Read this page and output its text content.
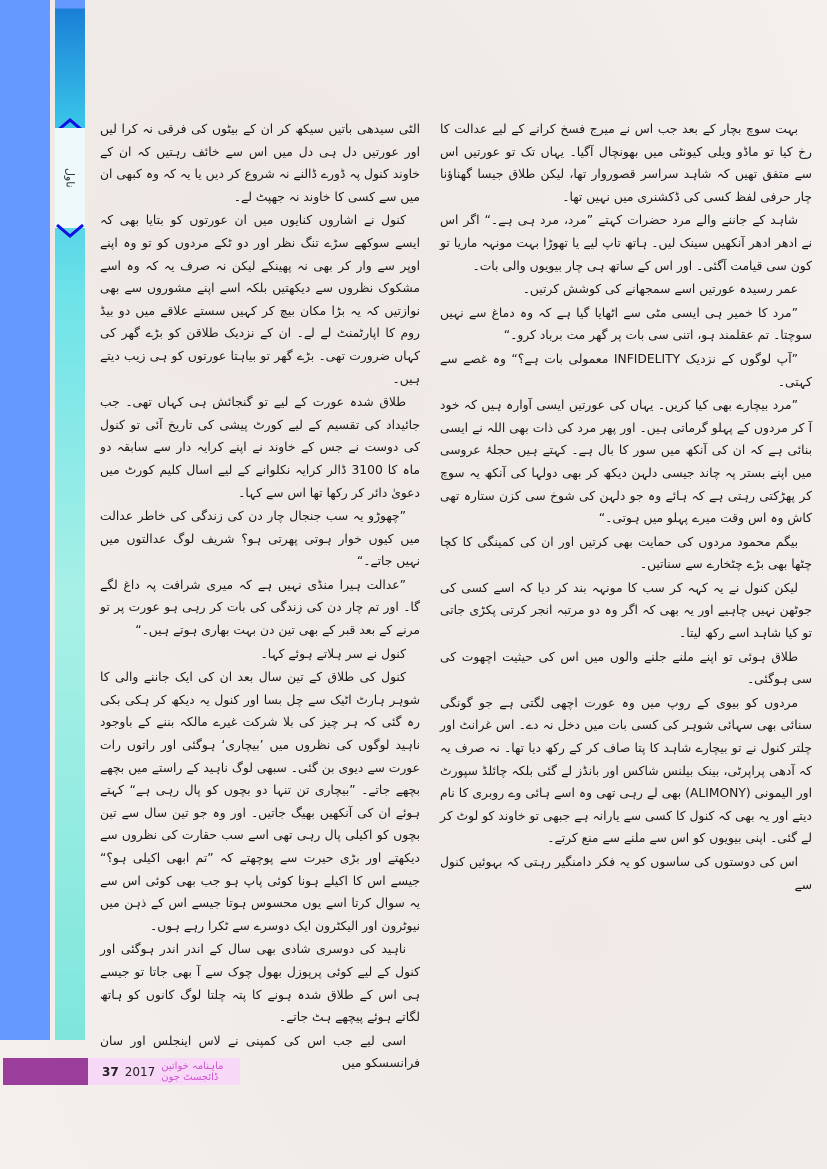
ناول

بہت سوچ بچار کے بعد جب اس نے میرج فسخ کرانے کے لیے عدالت کا رخ کیا تو ماڈو ویلی کیونٹی میں بھونچال آگیا۔ یہاں تک تو عورتیں اس سے متفق تھیں کہ شاہد سراسر قصوروار تھا، لیکن طلاق جیسا گھناؤنا چار حرفی لفظ کسی کی ڈکشنری میں نہیں تھا۔

شاہد کے جاننے والے مرد حضرات کہتے ”مرد، مرد ہی ہے۔“ اگر اس نے ادھر ادھر آنکھیں سینک لیں۔ ہاتھ تاپ لیے یا تھوڑا بہت مونہہ ماریا تو کون سی قیامت آگئی۔ اور اس کے ساتھ ہی چار بیویوں والی بات۔

عمر رسیدہ عورتیں اسے سمجھانے کی کوشش کرتیں۔

”مرد کا خمیر ہی ایسی مٹی سے اٹھایا گیا ہے کہ وہ دماغ سے نہیں سوچتا۔ تم عقلمند ہو، اتنی سی بات پر گھر مت برباد کرو۔“

”آپ لوگوں کے نزدیک INFIDELITY معمولی بات ہے؟“ وہ غصے سے کہتی۔

”مرد بیچارے بھی کیا کریں۔ یہاں کی عورتیں ایسی آوارہ ہیں کہ خود آ کر مردوں کے پہلو گرماتی ہیں۔ اور پھر مرد کی ذات بھی اللہ نے ایسی بنائی ہے کہ ان کی آنکھ میں سور کا بال ہے۔ کہتے ہیں حجلۂ عروسی میں اپنے بستر پہ چاند جیسی دلہن دیکھ کر بھی دولہا کی آنکھ یہ سوچ کر پھڑکتی رہتی ہے کہ ہائے وہ جو دلہن کی شوخ سی کزن ستارہ تھی کاش وہ اس وقت میرے پہلو میں ہوتی۔“

بیگم محمود مردوں کی حمایت بھی کرتیں اور ان کی کمینگی کا کچا چٹھا بھی بڑے چٹخارے سے سناتیں۔

لیکن کنول نے یہ کہہ کر سب کا مونہہ بند کر دیا کہ اسے کسی کی جوٹھن نہیں چاہیے اور یہ بھی کہ اگر وہ دو مرتبہ انجر کرتی پکڑی جاتی تو کیا شاہد اسے رکھ لیتا۔

طلاق ہوئی تو اپنے ملنے جلنے والوں میں اس کی حیثیت اچھوت کی سی ہوگئی۔

مردوں کو بیوی کے روپ میں وہ عورت اچھی لگتی ہے جو گونگی سنائی بھی سہائی شوہر کی کسی بات میں دخل نہ دے۔ اس غرانٹ اور چلتر کنول نے تو بیچارے شاہد کا پتا صاف کر کے رکھ دیا تھا۔ نہ صرف یہ کہ آدھی پراپرٹی، بینک بیلنس شاکس اور بانڈز لے گئی بلکہ چائلڈ سپورٹ اور الیمونی (ALIMONY) بھی لے رہی تھی وہ اسے ہائی وے روبری کا نام دیتے اور یہ بھی کہ کنول کا کسی سے یارانہ ہے جبھی تو خاوند کو لوٹ کر لے گئی۔ اپنی بیویوں کو اس سے ملنے سے منع کرتے۔

اس کی دوستوں کی ساسوں کو یہ فکر دامنگیر رہتی کہ بہوئیں کنول سے

الٹی سیدھی باتیں سیکھ کر ان کے بیٹوں کی فرقی نہ کرا لیں اور عورتیں دل ہی دل میں اس سے خائف رہتیں کہ ان کے خاوند کنول پہ ڈورے ڈالنے نہ شروع کر دیں یا یہ کہ وہ کبھی ان میں سے کسی کا خاوند نہ جھپٹ لے۔

کنول نے اشاروں کنایوں میں ان عورتوں کو بتایا بھی کہ ایسے سوکھے سڑے تنگ نظر اور دو ٹکے مردوں کو تو وہ اپنے اوپر سے وار کر بھی نہ پھینکے لیکن نہ صرف یہ کہ وہ اسے مشکوک نظروں سے دیکھتیں بلکہ اسے اپنے مشوروں سے بھی نوازتیں کہ یہ بڑا مکان بیچ کر کہیں سستے علاقے میں دو بیڈ روم کا اپارٹمنٹ لے لے۔ ان کے نزدیک طلاقن کو بڑے گھر کی کہاں ضرورت تھی۔ بڑے گھر تو بیاہتا عورتوں کو ہی زیب دیتے ہیں۔

طلاق شدہ عورت کے لیے تو گنجائش ہی کہاں تھی۔ جب جائیداد کی تقسیم کے لیے کورٹ پیشی کی تاریخ آئی تو کنول کی دوست نے جس کے خاوند نے اپنے کرایہ دار سے سابقہ دو ماہ کا 3100 ڈالر کرایہ نکلوانے کے لیے اسال کلیم کورٹ میں دعویٰ دائر کر رکھا تھا اس سے کہا۔

”چھوڑو یہ سب جنجال چار دن کی زندگی کی خاطر عدالت میں کیوں خوار ہوتی پھرتی ہو؟ شریف لوگ عدالتوں میں نہیں جاتے۔“

”عدالت ہیرا منڈی نہیں ہے کہ میری شرافت پہ داغ لگے گا۔ اور تم چار دن کی زندگی کی بات کر رہی ہو عورت پر تو مرنے کے بعد قبر کے بھی تین دن بہت بھاری ہوتے ہیں۔“

کنول نے سر ہلاتے ہوئے کہا۔

کنول کی طلاق کے تین سال بعد ان کی ایک جاننے والی کا شوہر ہارٹ اٹیک سے چل بسا اور کنول یہ دیکھ کر ہکی بکی رہ گئی کہ ہر چیز کی بلا شرکت غیرے مالکہ بننے کے باوجود ناہید لوگوں کی نظروں میں ’بیچاری‘ ہوگئی اور راتوں رات عورت سے دیوی بن گئی۔ سبھی لوگ ناہید کے راستے میں بچھے بچھے جاتے۔ ”بیچاری تن تنہا دو بچوں کو پال رہی ہے“ کہتے ہوئے ان کی آنکھیں بھیگ جاتیں۔ اور وہ جو تین سال سے تین بچوں کو اکیلی پال رہی تھی اسے سب حقارت کی نظروں سے دیکھتے اور بڑی حیرت سے پوچھتے کہ ”تم ابھی اکیلی ہو؟“ جیسے اس کا اکیلے ہونا کوئی پاپ ہو جب بھی کوئی اس سے یہ سوال کرتا اسے یوں محسوس ہوتا جیسے اس کے ذہن میں نیوٹرون اور الیکٹرون ایک دوسرے سے ٹکرا رہے ہوں۔

ناہید کی دوسری شادی بھی سال کے اندر اندر ہوگئی اور کنول کے لیے کوئی پرپوزل بھول چوک سے آ بھی جاتا تو جیسے ہی اس کے طلاق شدہ ہونے کا پتہ چلتا لوگ کانوں کو ہاتھ لگاتے ہوئے پیچھے ہٹ جاتے۔

اسی لیے جب اس کی کمپنی نے لاس اینجلس اور سان فرانسسکو میں

37 2017 ماہنامہ خواتین ڈائجسٹ جون
